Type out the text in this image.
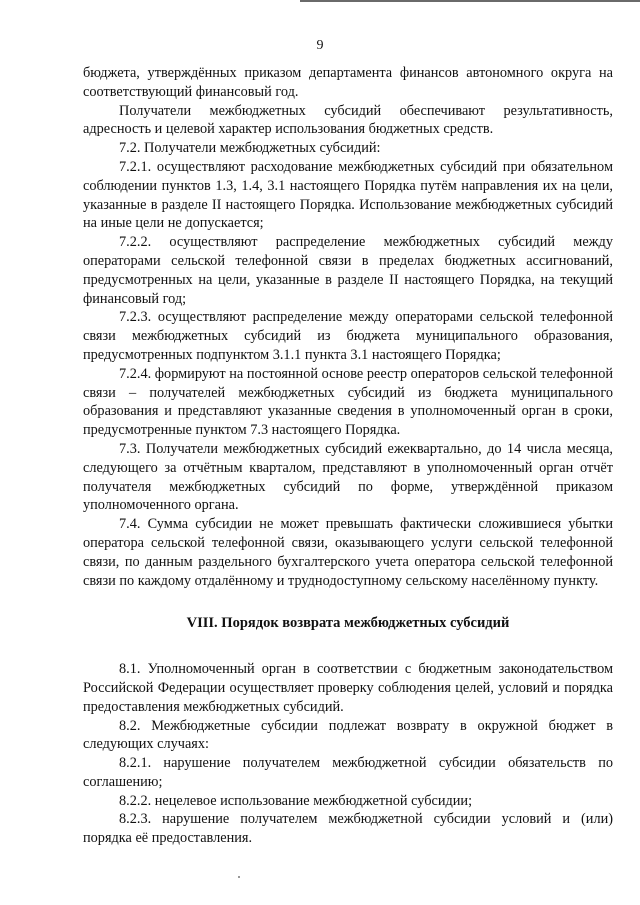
9

бюджета, утверждённых приказом департамента финансов автономного округа на соответствующий финансовый год.

Получатели межбюджетных субсидий обеспечивают результативность, адресность и целевой характер использования бюджетных средств.

7.2. Получатели межбюджетных субсидий:

7.2.1. осуществляют расходование межбюджетных субсидий при обязательном соблюдении пунктов 1.3, 1.4, 3.1 настоящего Порядка путём направления их на цели, указанные в разделе II настоящего Порядка. Использование межбюджетных субсидий на иные цели не допускается;

7.2.2. осуществляют распределение межбюджетных субсидий между операторами сельской телефонной связи в пределах бюджетных ассигнований, предусмотренных на цели, указанные в разделе II настоящего Порядка, на текущий финансовый год;

7.2.3. осуществляют распределение между операторами сельской телефонной связи межбюджетных субсидий из бюджета муниципального образования, предусмотренных подпунктом 3.1.1 пункта 3.1 настоящего Порядка;

7.2.4. формируют на постоянной основе реестр операторов сельской телефонной связи – получателей межбюджетных субсидий из бюджета муниципального образования и представляют указанные сведения в уполномоченный орган в сроки, предусмотренные пунктом 7.3 настоящего Порядка.

7.3. Получатели межбюджетных субсидий ежеквартально, до 14 числа месяца, следующего за отчётным кварталом, представляют в уполномоченный орган отчёт получателя межбюджетных субсидий по форме, утверждённой приказом уполномоченного органа.

7.4. Сумма субсидии не может превышать фактически сложившиеся убытки оператора сельской телефонной связи, оказывающего услуги сельской телефонной связи, по данным раздельного бухгалтерского учета оператора сельской телефонной связи по каждому отдалённому и труднодоступному сельскому населённому пункту.

VIII. Порядок возврата межбюджетных субсидий

8.1. Уполномоченный орган в соответствии с бюджетным законодательством Российской Федерации осуществляет проверку соблюдения целей, условий и порядка предоставления межбюджетных субсидий.

8.2. Межбюджетные субсидии подлежат возврату в окружной бюджет в следующих случаях:

8.2.1. нарушение получателем межбюджетной субсидии обязательств по соглашению;

8.2.2. нецелевое использование межбюджетной субсидии;

8.2.3. нарушение получателем межбюджетной субсидии условий и (или) порядка её предоставления.
